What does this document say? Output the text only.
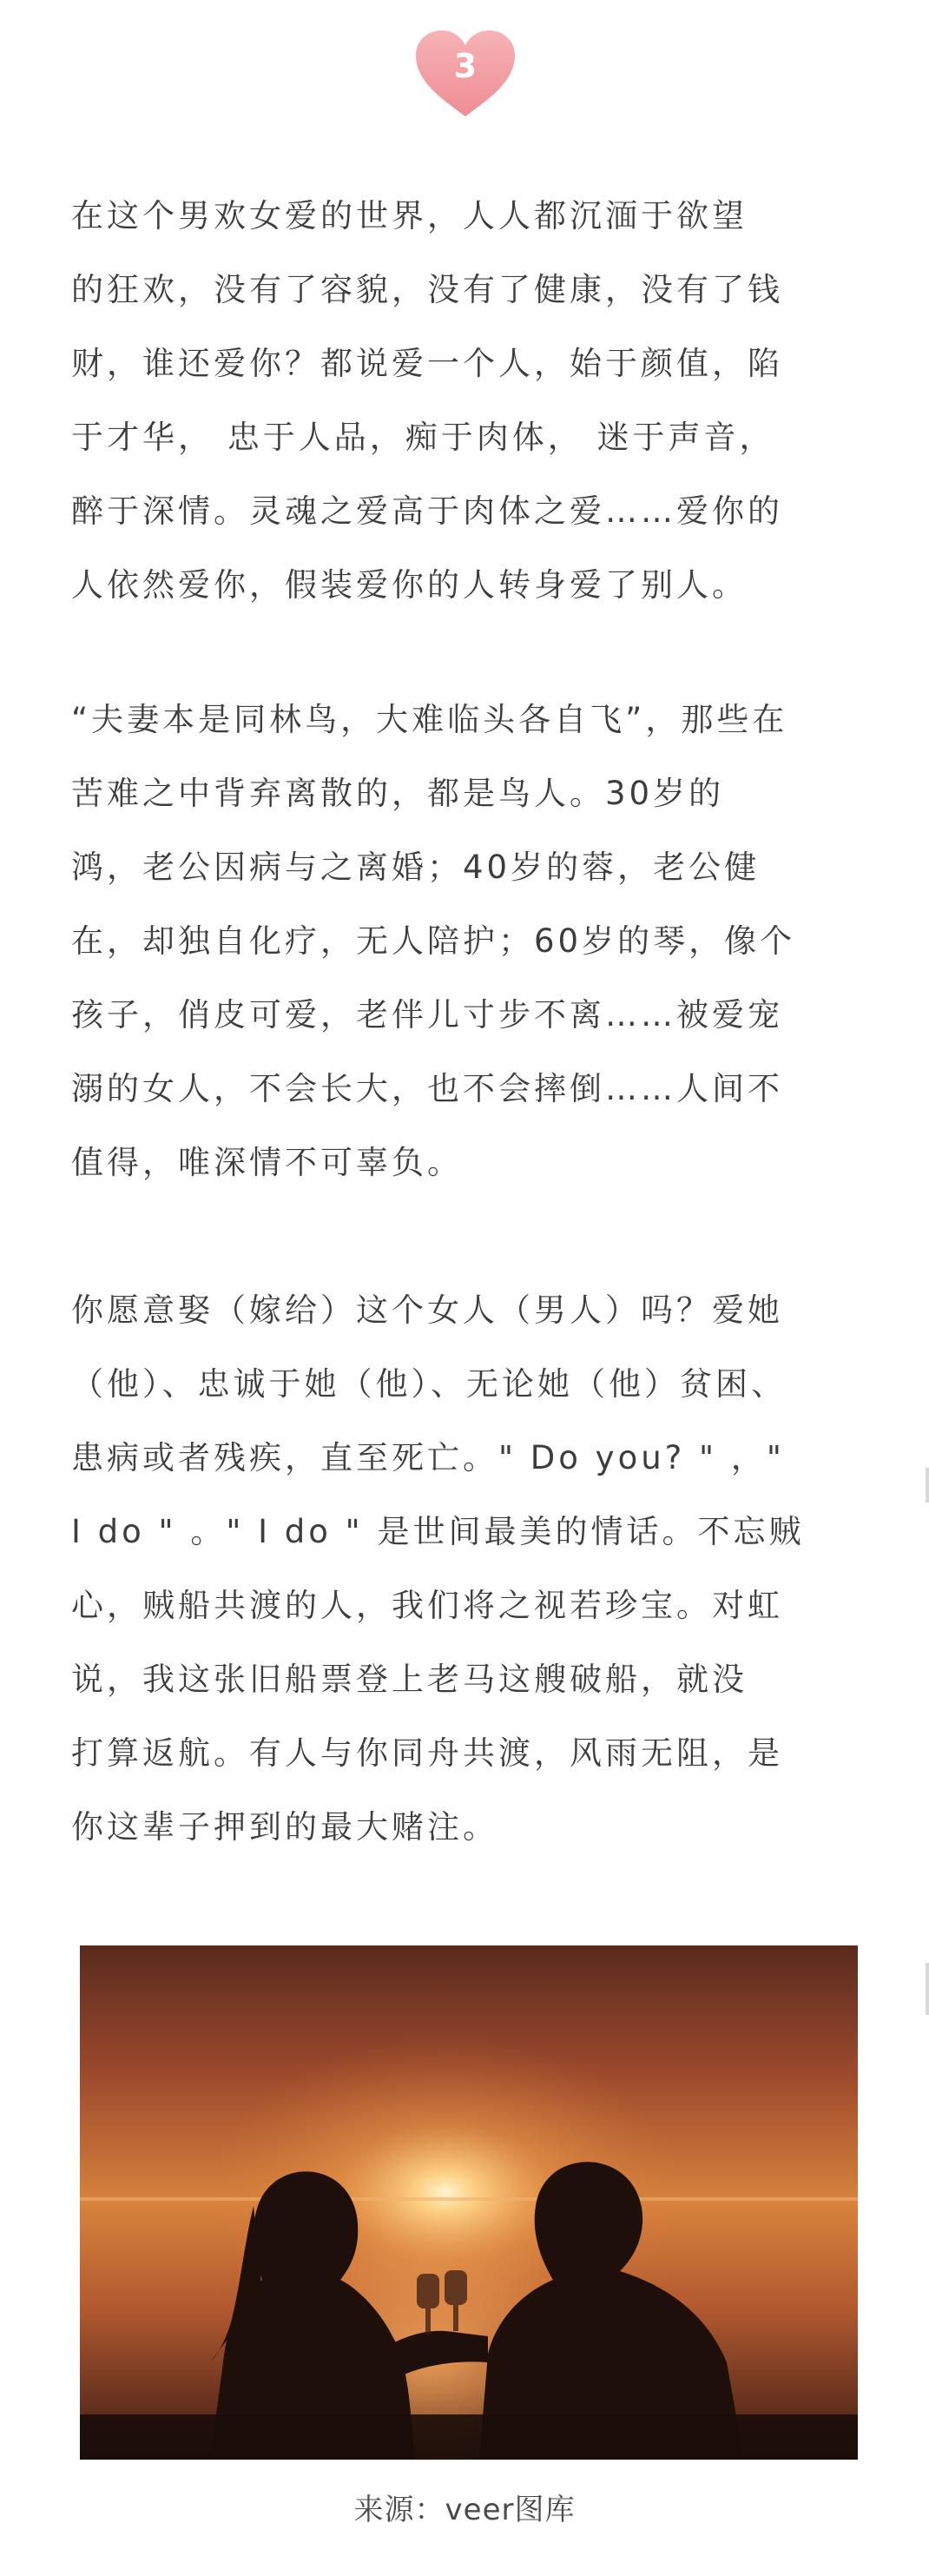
3
在这个男欢女爱的世界，人人都沉湎于欲望
的狂欢，没有了容貌，没有了健康，没有了钱
财，谁还爱你？都说爱一个人，始于颜值，陷
于才华， 忠于人品，痴于肉体， 迷于声音，
醉于深情。灵魂之爱高于肉体之爱……爱你的
人依然爱你，假装爱你的人转身爱了别人。
“夫妻本是同林鸟，大难临头各自飞”，那些在
苦难之中背弃离散的，都是鸟人。30岁的
鸿，老公因病与之离婚；40岁的蓉，老公健
在，却独自化疗，无人陪护；60岁的琴，像个
孩子，俏皮可爱，老伴儿寸步不离……被爱宠
溺的女人，不会长大，也不会摔倒……人间不
值得，唯深情不可辜负。
你愿意娶（嫁给）这个女人（男人）吗？爱她
（他）、忠诚于她（他）、无论她（他）贫困、
患病或者残疾，直至死亡。" Do you? " ，"
I do " 。" I do " 是世间最美的情话。不忘贼
心，贼船共渡的人，我们将之视若珍宝。对虹
说，我这张旧船票登上老马这艘破船，就没
打算返航。有人与你同舟共渡，风雨无阻，是
你这辈子押到的最大赌注。
来源：veer图库
